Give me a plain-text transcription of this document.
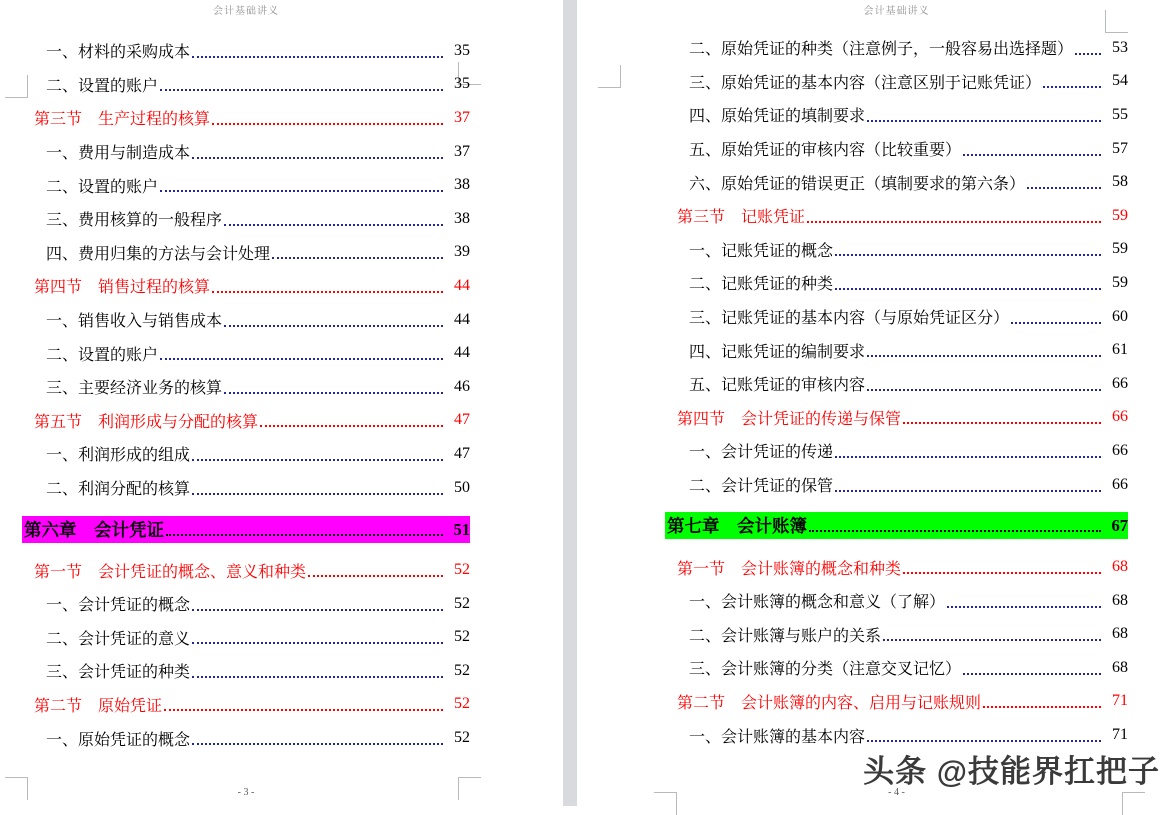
会计基础讲义
一、材料的采购成本	35
二、设置的账户	35
第三节　生产过程的核算	37
一、费用与制造成本	37
二、设置的账户	38
三、费用核算的一般程序	38
四、费用归集的方法与会计处理	39
第四节　销售过程的核算	44
一、销售收入与销售成本	44
二、设置的账户	44
三、主要经济业务的核算	46
第五节　利润形成与分配的核算	47
一、利润形成的组成	47
二、利润分配的核算	50
第六章　会计凭证	51
第一节　会计凭证的概念、意义和种类	52
一、会计凭证的概念	52
二、会计凭证的意义	52
三、会计凭证的种类	52
第二节　原始凭证	52
一、原始凭证的概念	52
- 3 -
会计基础讲义
二、原始凭证的种类（注意例子，一般容易出选择题）	53
三、原始凭证的基本内容（注意区别于记账凭证）	54
四、原始凭证的填制要求	55
五、原始凭证的审核内容（比较重要）	57
六、原始凭证的错误更正（填制要求的第六条）	58
第三节　记账凭证	59
一、记账凭证的概念	59
二、记账凭证的种类	59
三、记账凭证的基本内容（与原始凭证区分）	60
四、记账凭证的编制要求	61
五、记账凭证的审核内容	66
第四节　会计凭证的传递与保管	66
一、会计凭证的传递	66
二、会计凭证的保管	66
第七章　会计账簿	67
第一节　会计账簿的概念和种类	68
一、会计账簿的概念和意义（了解）	68
二、会计账簿与账户的关系	68
三、会计账簿的分类（注意交叉记忆）	68
第二节　会计账簿的内容、启用与记账规则	71
一、会计账簿的基本内容	71
- 4 -
头条 @技能界扛把子
